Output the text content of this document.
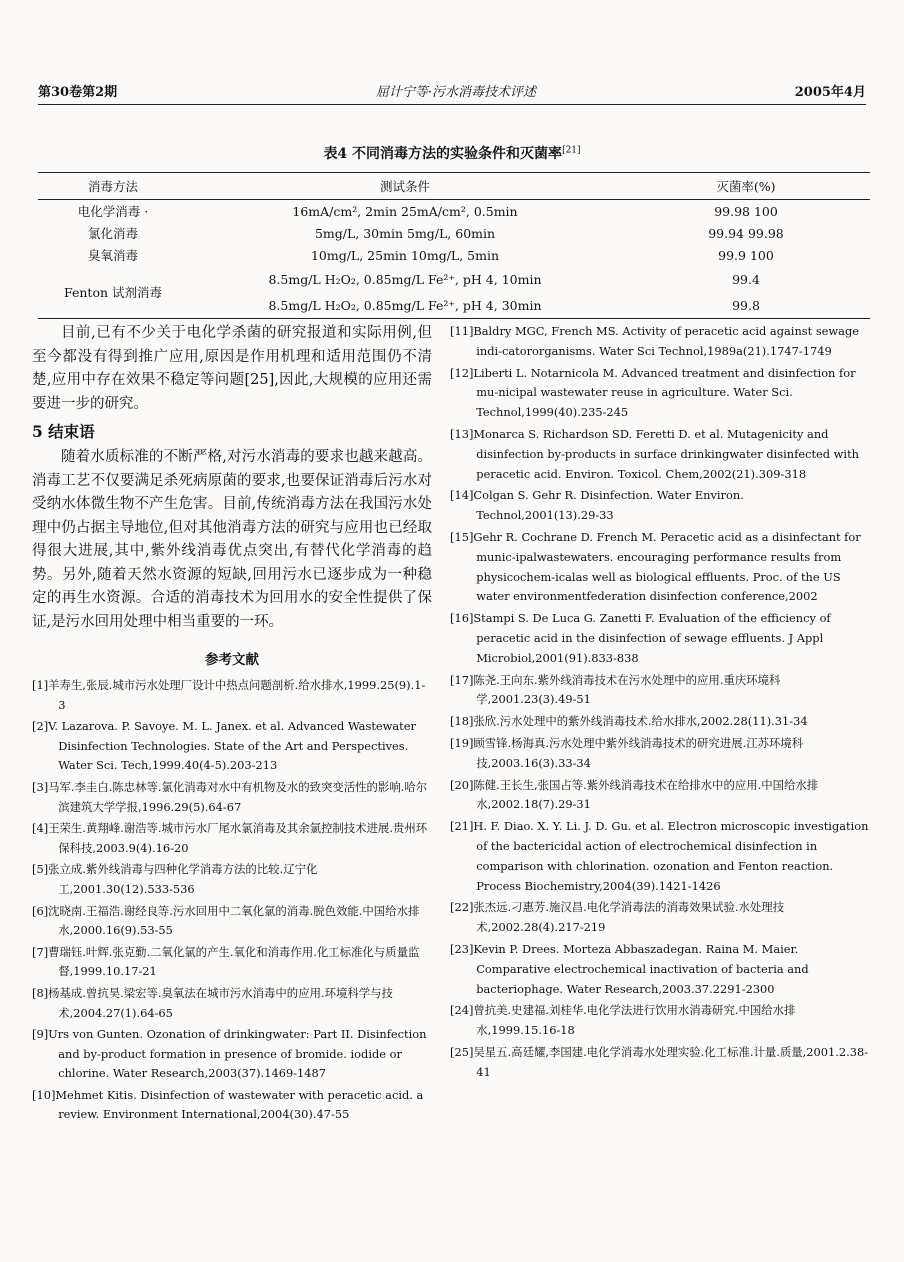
第30卷第2期	屈计宁等·污水消毒技术评述	2005年4月
表4 不同消毒方法的实验条件和灭菌率[21]
消毒方法	测试条件	灭菌率(%)
电化学消毒 ·	16mA/cm², 2min 25mA/cm², 0.5min	99.98 100
氯化消毒	5mg/L, 30min 5mg/L, 60min	99.94 99.98
臭氧消毒	10mg/L, 25min 10mg/L, 5min	99.9 100
Fenton 试剂消毒	8.5mg/L H₂O₂, 0.85mg/L Fe²⁺, pH 4, 10min	99.4
	8.5mg/L H₂O₂, 0.85mg/L Fe²⁺, pH 4, 30min	99.8

目前,已有不少关于电化学杀菌的研究报道和实际用例,但至今都没有得到推广应用,原因是作用机理和适用范围仍不清楚,应用中存在效果不稳定等问题[25],因此,大规模的应用还需要进一步的研究。

5 结束语

随着水质标准的不断严格,对污水消毒的要求也越来越高。消毒工艺不仅要满足杀死病原菌的要求,也要保证消毒后污水对受纳水体微生物不产生危害。目前,传统消毒方法在我国污水处理中仍占据主导地位,但对其他消毒方法的研究与应用也已经取得很大进展,其中,紫外线消毒优点突出,有替代化学消毒的趋势。另外,随着天然水资源的短缺,回用污水已逐步成为一种稳定的再生水资源。合适的消毒技术为回用水的安全性提供了保证,是污水回用处理中相当重要的一环。

参考文献
[1]羊寿生,张辰.城市污水处理厂设计中热点问题剖析.给水排水,1999.25(9).1-3
[2]V. Lazarova. P. Savoye. M. L. Janex. et al. Advanced Wastewater Disinfection Technologies. State of the Art and Perspectives. Water Sci. Tech,1999.40(4-5).203-213
[3]马军.李圭白.陈忠林等.氯化消毒对水中有机物及水的致突变活性的影响.哈尔滨建筑大学学报,1996.29(5).64-67
[4]王荣生.黄翔峰.谢浩等.城市污水厂尾水氯消毒及其余氯控制技术进展.贵州环保科技,2003.9(4).16-20
[5]张立成.紫外线消毒与四种化学消毒方法的比较.辽宁化工,2001.30(12).533-536
[6]沈晓南.王福浩.谢经良等.污水回用中二氧化氯的消毒.脱色效能.中国给水排水,2000.16(9).53-55
[7]曹瑞钰.叶辉.张克勤.二氧化氯的产生.氧化和消毒作用.化工标准化与质量监督,1999.10.17-21
[8]杨基成.曾抗昊.梁宏等.臭氧法在城市污水消毒中的应用.环境科学与技术,2004.27(1).64-65
[9]Urs von Gunten. Ozonation of drinkingwater: Part II. Disinfection and by-product formation in presence of bromide. iodide or chlorine. Water Research,2003(37).1469-1487
[10]Mehmet Kitis. Disinfection of wastewater with peracetic acid. a review. Environment International,2004(30).47-55
[11]Baldry MGC, French MS. Activity of peracetic acid against sewage indi-catororganisms. Water Sci Technol,1989a(21).1747-1749
[12]Liberti L. Notarnicola M. Advanced treatment and disinfection for mu-nicipal wastewater reuse in agriculture. Water Sci. Technol,1999(40).235-245
[13]Monarca S. Richardson SD. Feretti D. et al. Mutagenicity and disinfection by-products in surface drinkingwater disinfected with peracetic acid. Environ. Toxicol. Chem,2002(21).309-318
[14]Colgan S. Gehr R. Disinfection. Water Environ. Technol,2001(13).29-33
[15]Gehr R. Cochrane D. French M. Peracetic acid as a disinfectant for munic-ipalwastewaters. encouraging performance results from physicochem-icalas well as biological effluents. Proc. of the US water environmentfederation disinfection conference,2002
[16]Stampi S. De Luca G. Zanetti F. Evaluation of the efficiency of peracetic acid in the disinfection of sewage effluents. J Appl Microbiol,2001(91).833-838
[17]陈尧.王向东.紫外线消毒技术在污水处理中的应用.重庆环境科学,2001.23(3).49-51
[18]张欣.污水处理中的紫外线消毒技术.给水排水,2002.28(11).31-34
[19]顾雪锋.杨海真.污水处理中紫外线消毒技术的研究进展.江苏环境科技,2003.16(3).33-34
[20]陈健.王长生,张国占等.紫外线消毒技术在给排水中的应用.中国给水排水,2002.18(7).29-31
[21]H. F. Diao. X. Y. Li. J. D. Gu. et al. Electron microscopic investigation of the bactericidal action of electrochemical disinfection in comparison with chlorination. ozonation and Fenton reaction. Process Biochemistry,2004(39).1421-1426
[22]张杰远.刁惠芳.施汉昌.电化学消毒法的消毒效果试验.水处理技术,2002.28(4).217-219
[23]Kevin P. Drees. Morteza Abbaszadegan. Raina M. Maier. Comparative electrochemical inactivation of bacteria and bacteriophage. Water Research,2003.37.2291-2300
[24]曾抗美.史建福.刘桂华.电化学法进行饮用水消毒研究.中国给水排水,1999.15.16-18
[25]吴星五.高廷耀,李国建.电化学消毒水处理实验.化工标准.计量.质量,2001.2.38-41
